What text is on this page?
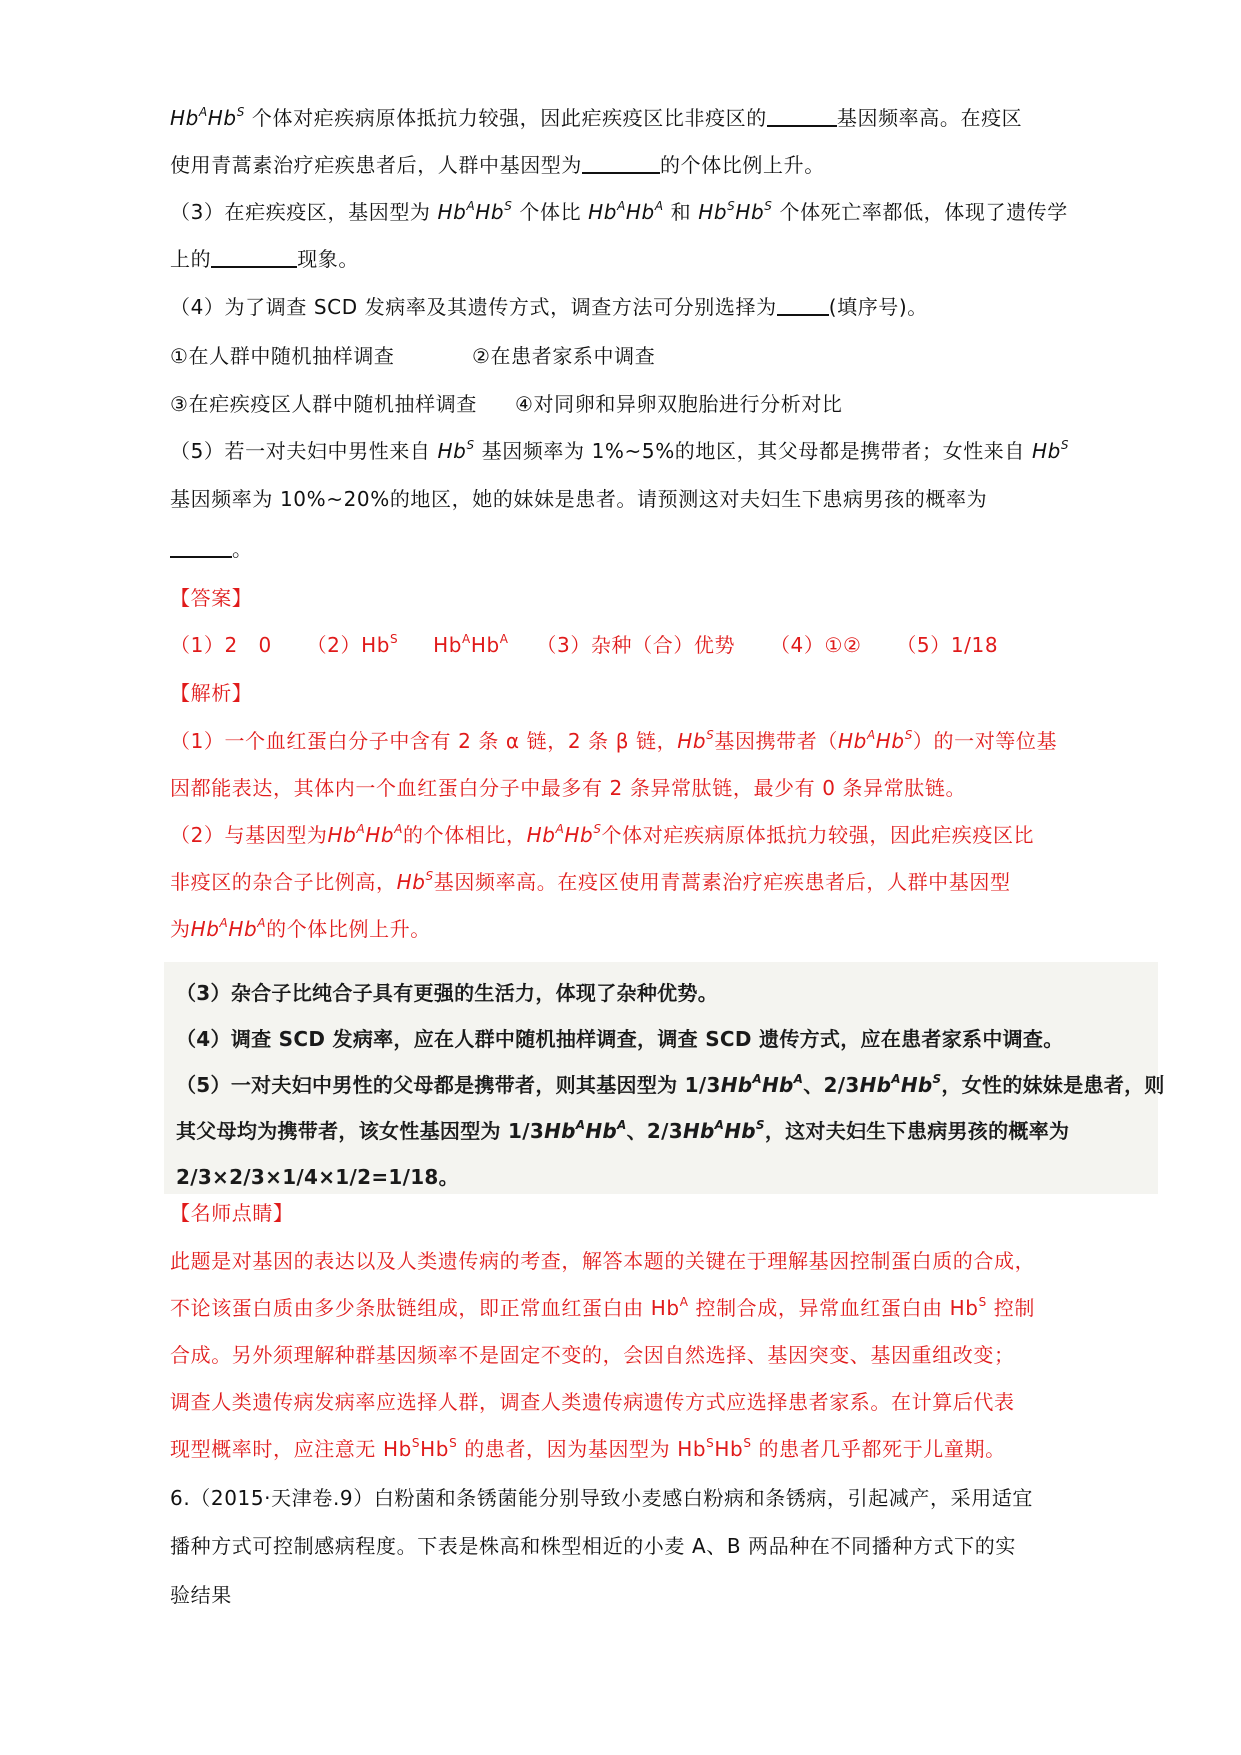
$Hb^AHb^S$ 个体对疟疾病原体抵抗力较强，因此疟疾疫区比非疫区的	基因频率高。在疫区
使用青蒿素治疗疟疾患者后，人群中基因型为	的个体比例上升。
（3）在疟疾疫区，基因型为 $Hb^AHb^S$ 个体比 $Hb^AHb^A$ 和 $Hb^SHb^S$ 个体死亡率都低，体现了遗传学
上的	现象。
（4）为了调查 SCD 发病率及其遗传方式，调查方法可分别选择为	(填序号)。
①在人群中随机抽样调查	②在患者家系中调查
③在疟疾疫区人群中随机抽样调查 ④对同卵和异卵双胞胎进行分析对比
（5）若一对夫妇中男性来自 $Hb^S$ 基因频率为 1%~5%的地区，其父母都是携带者；女性来自 $Hb^S$
基因频率为 10%~20%的地区，她的妹妹是患者。请预测这对夫妇生下患病男孩的概率为
。
【答案】
（1）2　0 $(2)Hb^S$ $Hb^AHb^A$ （3）杂种（合）优势 （4）①② （5）1/18
【解析】
（1）一个血红蛋白分子中含有 2 条 α 链，2 条 β 链，$Hb^S$基因携带者$(Hb^AHb^S)$的一对等位基
因都能表达，其体内一个血红蛋白分子中最多有 2 条异常肽链，最少有 0 条异常肽链。
（2）与基因型为$Hb^AHb^A$的个体相比，$Hb^AHb^S$个体对疟疾病原体抵抗力较强，因此疟疾疫区比
非疫区的杂合子比例高，$Hb^S$基因频率高。在疫区使用青蒿素治疗疟疾患者后，人群中基因型
为$Hb^AHb^A$的个体比例上升。
（3）杂合子比纯合子具有更强的生活力，体现了杂种优势。
（4）调查 SCD 发病率，应在人群中随机抽样调查，调查 SCD 遗传方式，应在患者家系中调查。
（5）一对夫妇中男性的父母都是携带者，则其基因型为 $1/3Hb^AHb^A$、$2/3Hb^AHb^S$，女性的妹妹是患者，则
其父母均为携带者，该女性基因型为 $1/3Hb^AHb^A$、$2/3Hb^AHb^S$，这对夫妇生下患病男孩的概率为
2/3×2/3×1/4×1/2=1/18。
【名师点睛】
此题是对基因的表达以及人类遗传病的考查，解答本题的关键在于理解基因控制蛋白质的合成，
不论该蛋白质由多少条肽链组成，即正常血红蛋白由 $Hb^A$ 控制合成，异常血红蛋白由 $Hb^S$ 控制
合成。另外须理解种群基因频率不是固定不变的，会因自然选择、基因突变、基因重组改变；
调查人类遗传病发病率应选择人群，调查人类遗传病遗传方式应选择患者家系。在计算后代表
现型概率时，应注意无 $Hb^SHb^S$ 的患者，因为基因型为 $Hb^SHb^S$ 的患者几乎都死于儿童期。
6.（2015·天津卷.9）白粉菌和条锈菌能分别导致小麦感白粉病和条锈病，引起减产，采用适宜
播种方式可控制感病程度。下表是株高和株型相近的小麦 A、B 两品种在不同播种方式下的实
验结果
